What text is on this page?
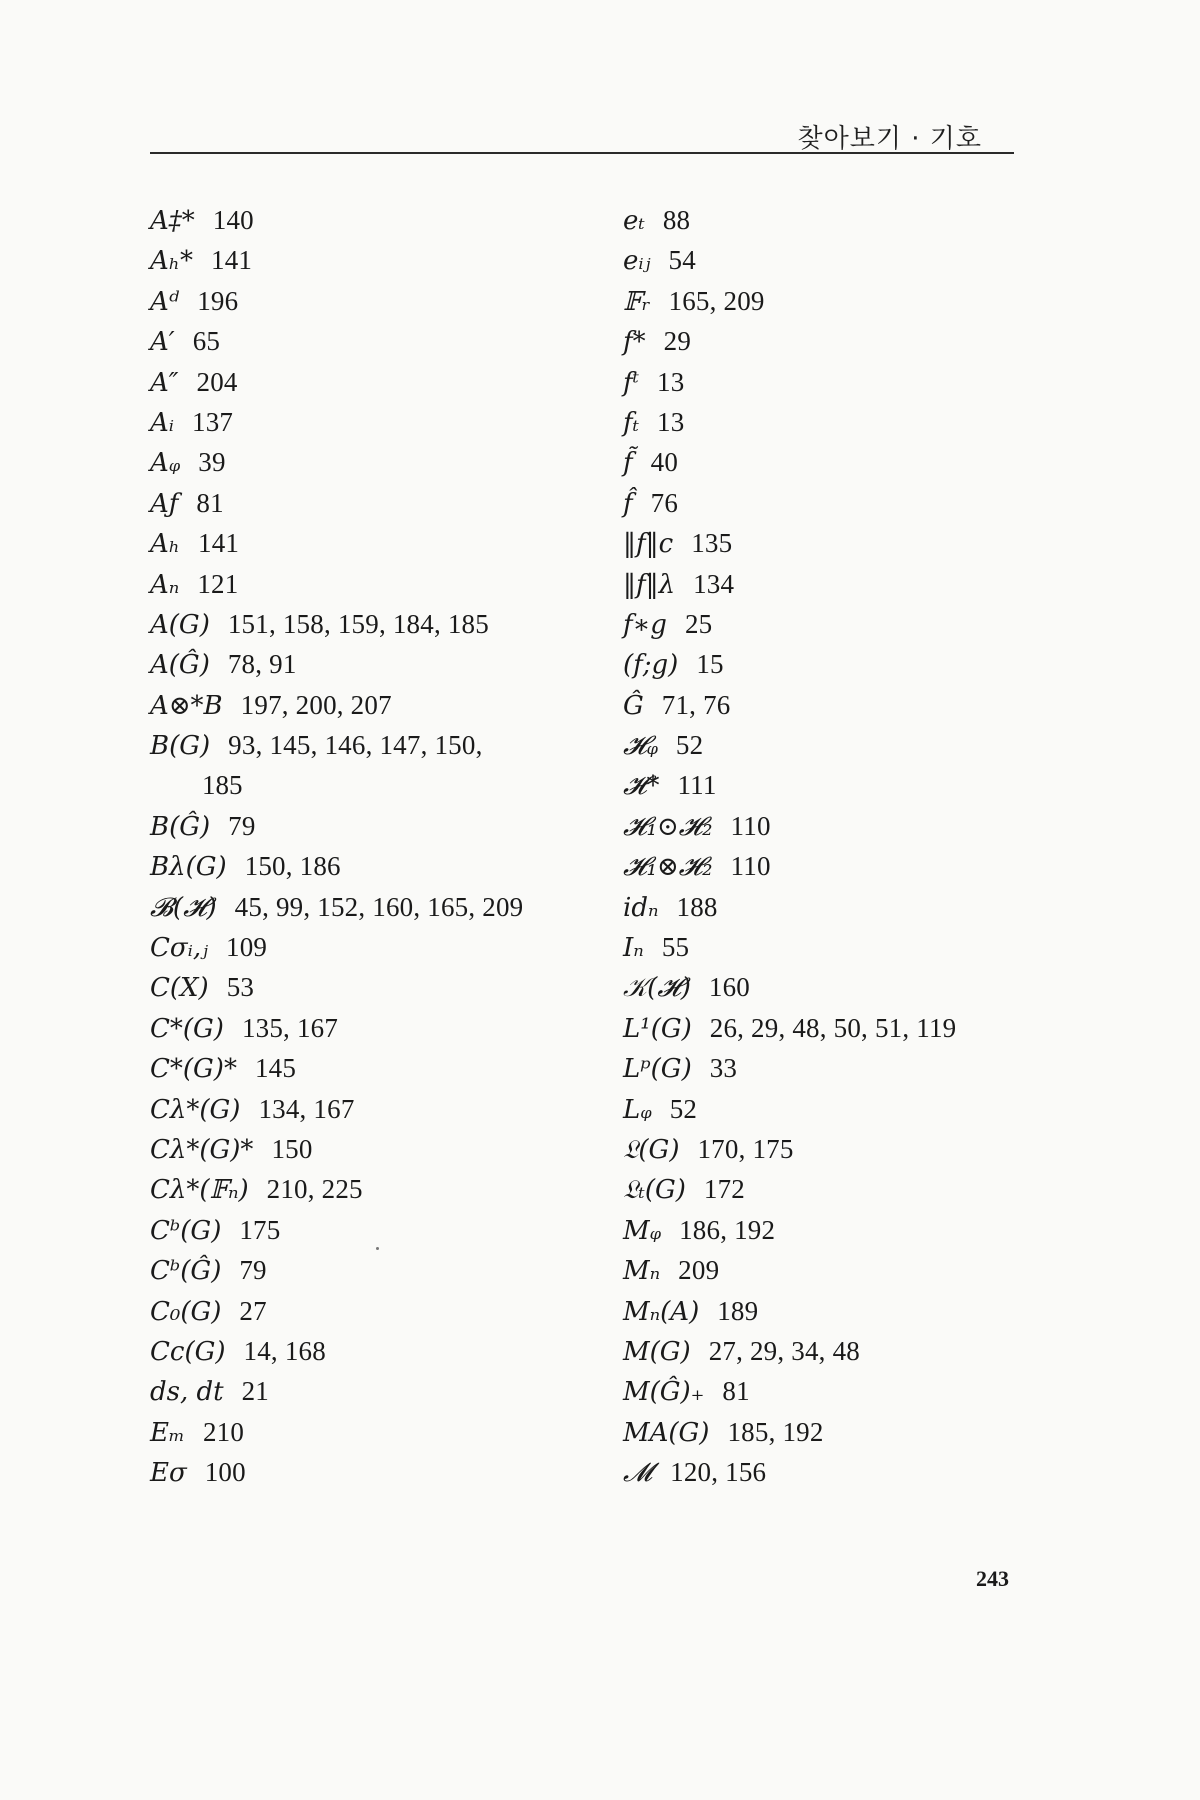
찾아보기 · 기호
A‡* 140
Aₕ* 141
Aᵈ 196
A′ 65
A″ 204
Aᵢ 137
Aᵩ 39
Aƒ 81
Aₕ 141
Aₙ 121
A(G) 151, 158, 159, 184, 185
A(Ĝ) 78, 91
A⊗*B 197, 200, 207
B(G) 93, 145, 146, 147, 150,
185
B(Ĝ) 79
Bλ(G) 150, 186
𝓑(𝓗) 45, 99, 152, 160, 165, 209
Cσᵢ,ⱼ 109
C(X) 53
C*(G) 135, 167
C*(G)* 145
Cλ*(G) 134, 167
Cλ*(G)* 150
Cλ*(𝔽ₙ) 210, 225
Cᵇ(G) 175
Cᵇ(Ĝ) 79
C₀(G) 27
Cc(G) 14, 168
ds, dt 21
Eₘ 210
Eσ 100
eₜ 88
eᵢⱼ 54
𝔽ᵣ 165, 209
f* 29
fᵗ 13
fₜ 13
f̃ 40
f̂ 76
‖f‖c 135
‖f‖λ 134
f∗g 25
(f;g) 15
Ĝ 71, 76
𝓗ᵩ 52
𝓗* 111
𝓗₁⊙𝓗₂ 110
𝓗₁⊗𝓗₂ 110
idₙ 188
Iₙ 55
𝒦(𝓗) 160
L¹(G) 26, 29, 48, 50, 51, 119
Lᵖ(G) 33
Lᵩ 52
𝔏(G) 170, 175
𝔏ₜ(G) 172
Mᵩ 186, 192
Mₙ 209
Mₙ(A) 189
M(G) 27, 29, 34, 48
M(Ĝ)₊ 81
MA(G) 185, 192
𝓜 120, 156
243
